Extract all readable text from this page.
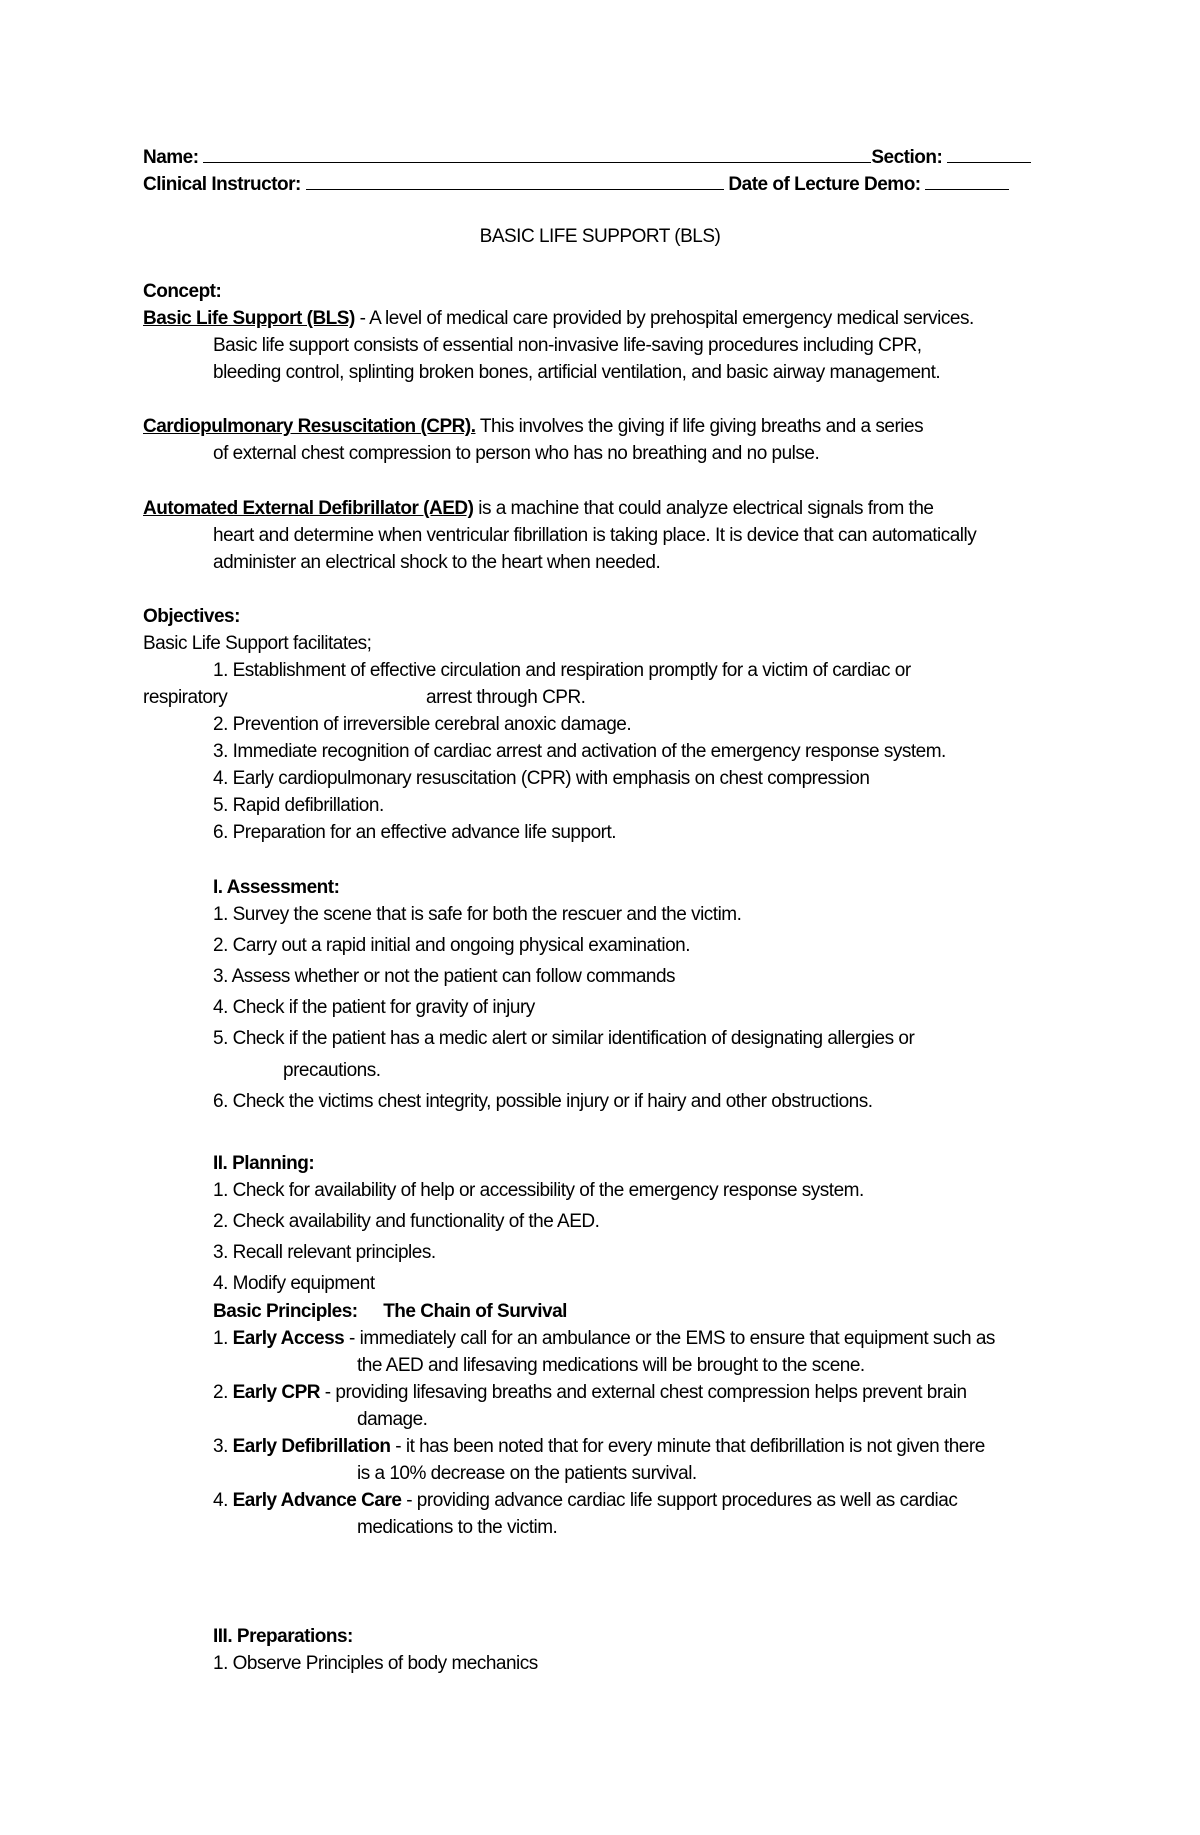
Name:	Section:
Clinical Instructor:	Date of Lecture Demo:
BASIC LIFE SUPPORT (BLS)
Concept:
Basic Life Support (BLS) - A level of medical care provided by prehospital emergency medical services.
Basic life support consists of essential non-invasive life-saving procedures including CPR,
bleeding control, splinting broken bones, artificial ventilation, and basic airway management.
Cardiopulmonary Resuscitation (CPR). This involves the giving if life giving breaths and a series
of external chest compression to person who has no breathing and no pulse.
Automated External Defibrillator (AED) is a machine that could analyze electrical signals from the
heart and determine when ventricular fibrillation is taking place. It is device that can automatically
administer an electrical shock to the heart when needed.
Objectives:
Basic Life Support facilitates;
1. Establishment of effective circulation and respiration promptly for a victim of cardiac or
respiratory	arrest through CPR.
2. Prevention of irreversible cerebral anoxic damage.
3. Immediate recognition of cardiac arrest and activation of the emergency response system.
4. Early cardiopulmonary resuscitation (CPR) with emphasis on chest compression
5. Rapid defibrillation.
6. Preparation for an effective advance life support.
I. Assessment:
1. Survey the scene that is safe for both the rescuer and the victim.
2. Carry out a rapid initial and ongoing physical examination.
3. Assess whether or not the patient can follow commands
4. Check if the patient for gravity of injury
5. Check if the patient has a medic alert or similar identification of designating allergies or
precautions.
6. Check the victims chest integrity, possible injury or if hairy and other obstructions.
II. Planning:
1. Check for availability of help or accessibility of the emergency response system.
2. Check availability and functionality of the AED.
3. Recall relevant principles.
4. Modify equipment
Basic Principles: The Chain of Survival
1. Early Access - immediately call for an ambulance or the EMS to ensure that equipment such as
the AED and lifesaving medications will be brought to the scene.
2. Early CPR - providing lifesaving breaths and external chest compression helps prevent brain
damage.
3. Early Defibrillation - it has been noted that for every minute that defibrillation is not given there
is a 10% decrease on the patients survival.
4. Early Advance Care - providing advance cardiac life support procedures as well as cardiac
medications to the victim.
III. Preparations:
1. Observe Principles of body mechanics
